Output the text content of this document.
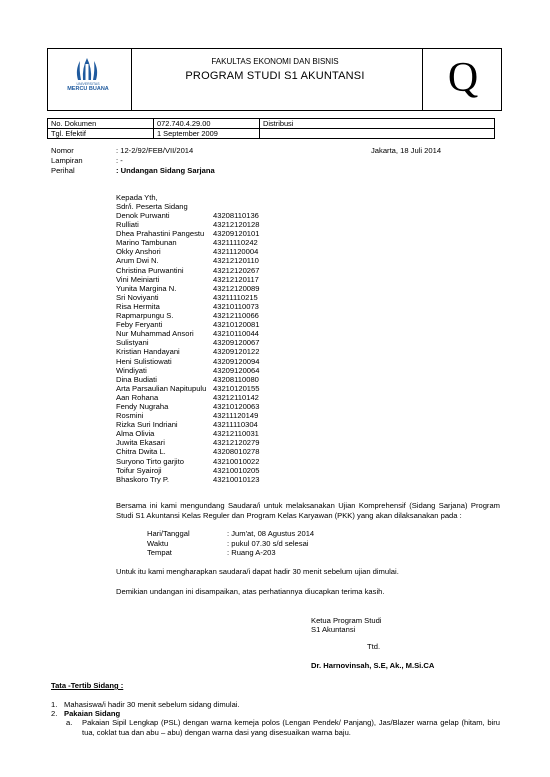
UNIVERSITAS
MERCU BUANA
FAKULTAS EKONOMI DAN BISNIS
PROGRAM STUDI S1 AKUNTANSI	Q
No. Dokumen	072.740.4.29.00	Distribusi
Tgl. Efektif	1 September 2009	
Nomor	: 12-2/92/FEB/VII/2014	Jakarta, 18 Juli 2014
Lampiran	: -
Perihal	: Undangan Sidang Sarjana
Kepada Yth,
Sdr/i. Peserta Sidang
Denok Purwanti	43208110136
Rulliati	43212120128
Dhea Prahastini Pangestu 43209120101
Marino Tambunan	43211110242
Okky Anshori	43211120004
Arum Dwi N.	43212120110
Christina Purwantini	43212120267
Vini Meiniarti	43212120117
Yunita Margina N.	43212120089
Sri Noviyanti	43211110215
Risa Hermita	43210110073
Rapmarpungu S.	43212110066
Feby Feryanti	43210120081
Nur Muhammad Ansori	43210110044
Sulistyani	43209120067
Kristian Handayani	43209120122
Heni Sulistiowati	43209120094
Windiyati	43209120064
Dina Budiati	43208110080
Arta Parsaulian Napitupulu 43210120155
Aan Rohana	43212110142
Fendy Nugraha	43210120063
Rosmini	43211120149
Rizka Suri Indriani	43211110304
Alma Olivia	43212110031
Juwita Ekasari	43212120279
Chitra Dwita L.	43208010278
Suryono Tirto garjito	43210010022
Toifur Syairoji	43210010205
Bhaskoro Try P.	43210010123
Bersama ini kami mengundang Saudara/i untuk melaksanakan Ujian Komprehensif (Sidang Sarjana) Program Studi S1 Akuntansi Kelas Reguler dan Program Kelas Karyawan (PKK) yang akan dilaksanakan pada :
Hari/Tanggal	: Jum'at, 08 Agustus 2014
Waktu	: pukul 07.30 s/d selesai
Tempat	: Ruang A-203
Untuk itu kami mengharapkan saudara/i dapat hadir 30 menit sebelum ujian dimulai.
Demikian undangan ini disampaikan, atas perhatiannya diucapkan terima kasih.
Ketua Program Studi
S1 Akuntansi
Ttd.
Dr. Harnovinsah, S.E, Ak., M.Si.CA
Tata -Tertib Sidang :
1. Mahasiswa/i hadir 30 menit sebelum sidang dimulai.
2. Pakaian Sidang
a. Pakaian Sipil Lengkap (PSL) dengan warna kemeja polos (Lengan Pendek/ Panjang), Jas/Blazer warna gelap (hitam, biru tua, coklat tua dan abu – abu) dengan warna dasi yang disesuaikan warna baju.
